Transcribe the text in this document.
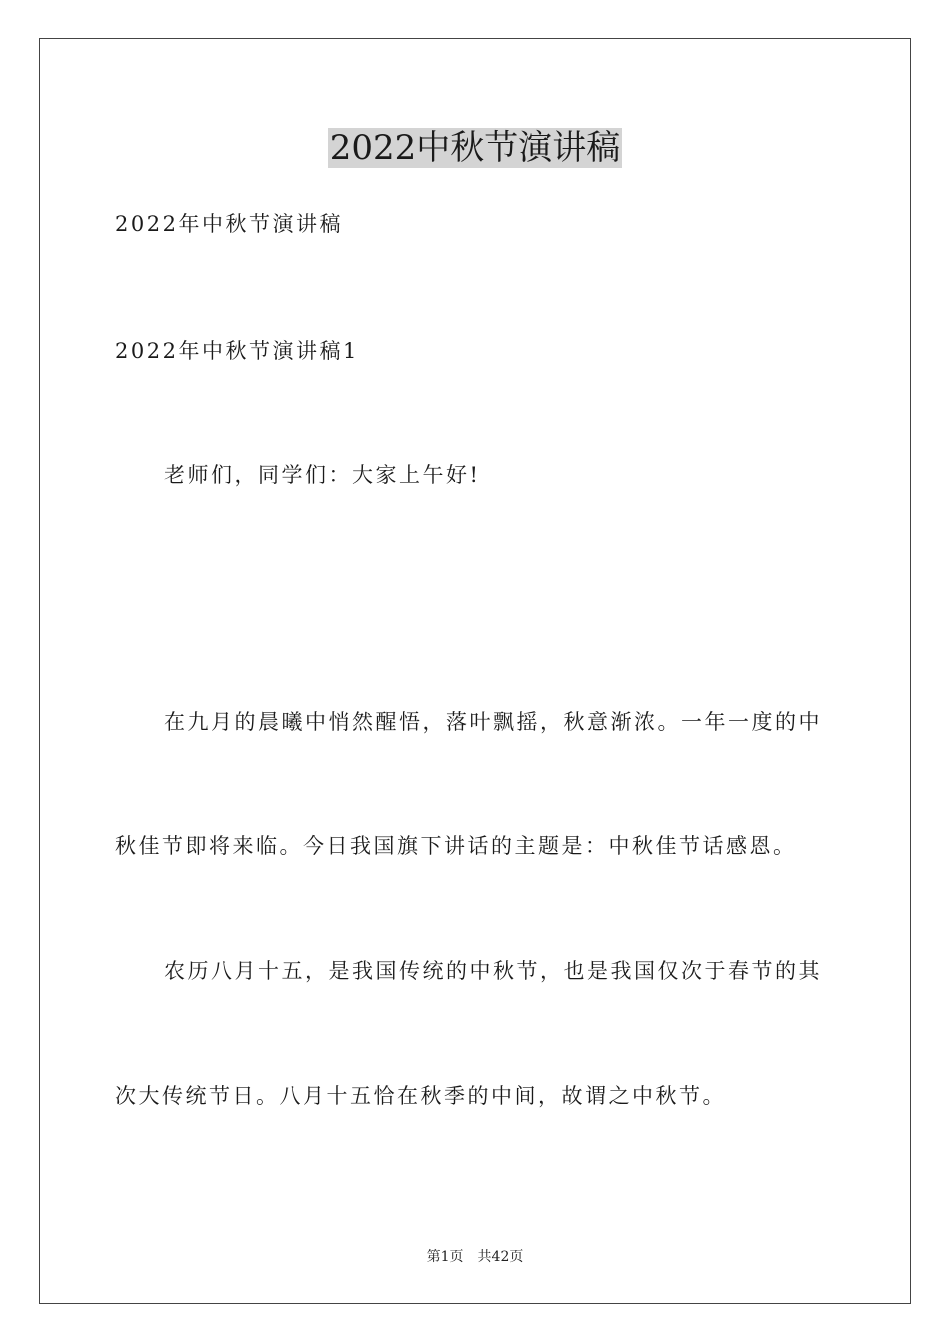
2022中秋节演讲稿
2022年中秋节演讲稿
2022年中秋节演讲稿1
老师们，同学们：大家上午好!
在九月的晨曦中悄然醒悟，落叶飘摇，秋意渐浓。一年一度的中
秋佳节即将来临。今日我国旗下讲话的主题是：中秋佳节话感恩。
农历八月十五，是我国传统的中秋节，也是我国仅次于春节的其
次大传统节日。八月十五恰在秋季的中间，故谓之中秋节。
第1页 共42页
